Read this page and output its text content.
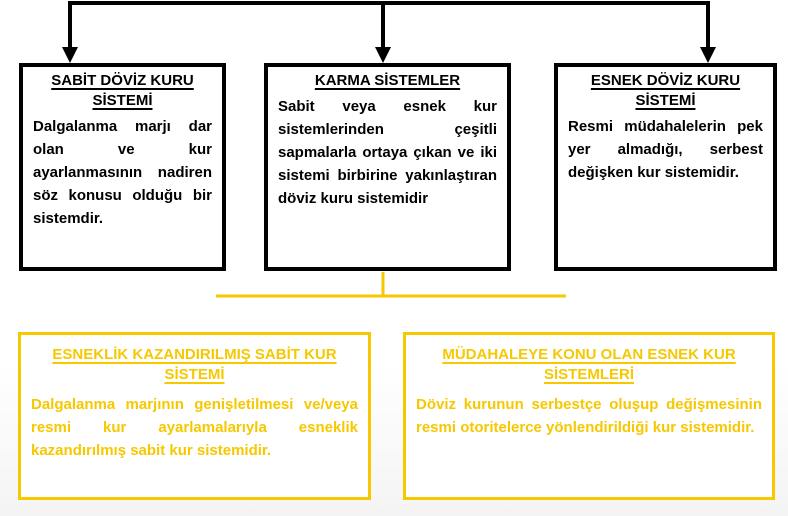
SABİT DÖVİZ KURU SİSTEMİ
Dalgalanma marjı dar olan ve kur ayarlanmasının nadiren söz konusu olduğu bir sistemdir.
KARMA SİSTEMLER
Sabit veya esnek kur sistemlerinden çeşitli sapmalarla ortaya çıkan ve iki sistemi birbirine yakınlaştıran döviz kuru sistemidir
ESNEK DÖVİZ KURU SİSTEMİ
Resmi müdahalelerin pek yer almadığı, serbest değişken kur sistemidir.
ESNEKLİK KAZANDIRILMIŞ SABİT KUR SİSTEMİ
Dalgalanma marjının genişletilmesi ve/veya resmi kur ayarlamalarıyla esneklik kazandırılmış sabit kur sistemidir.
MÜDAHALEYE KONU OLAN ESNEK KUR SİSTEMLERİ
Döviz kurunun serbestçe oluşup değişmesinin resmi otoritelerce yönlendirildiği kur sistemidir.
